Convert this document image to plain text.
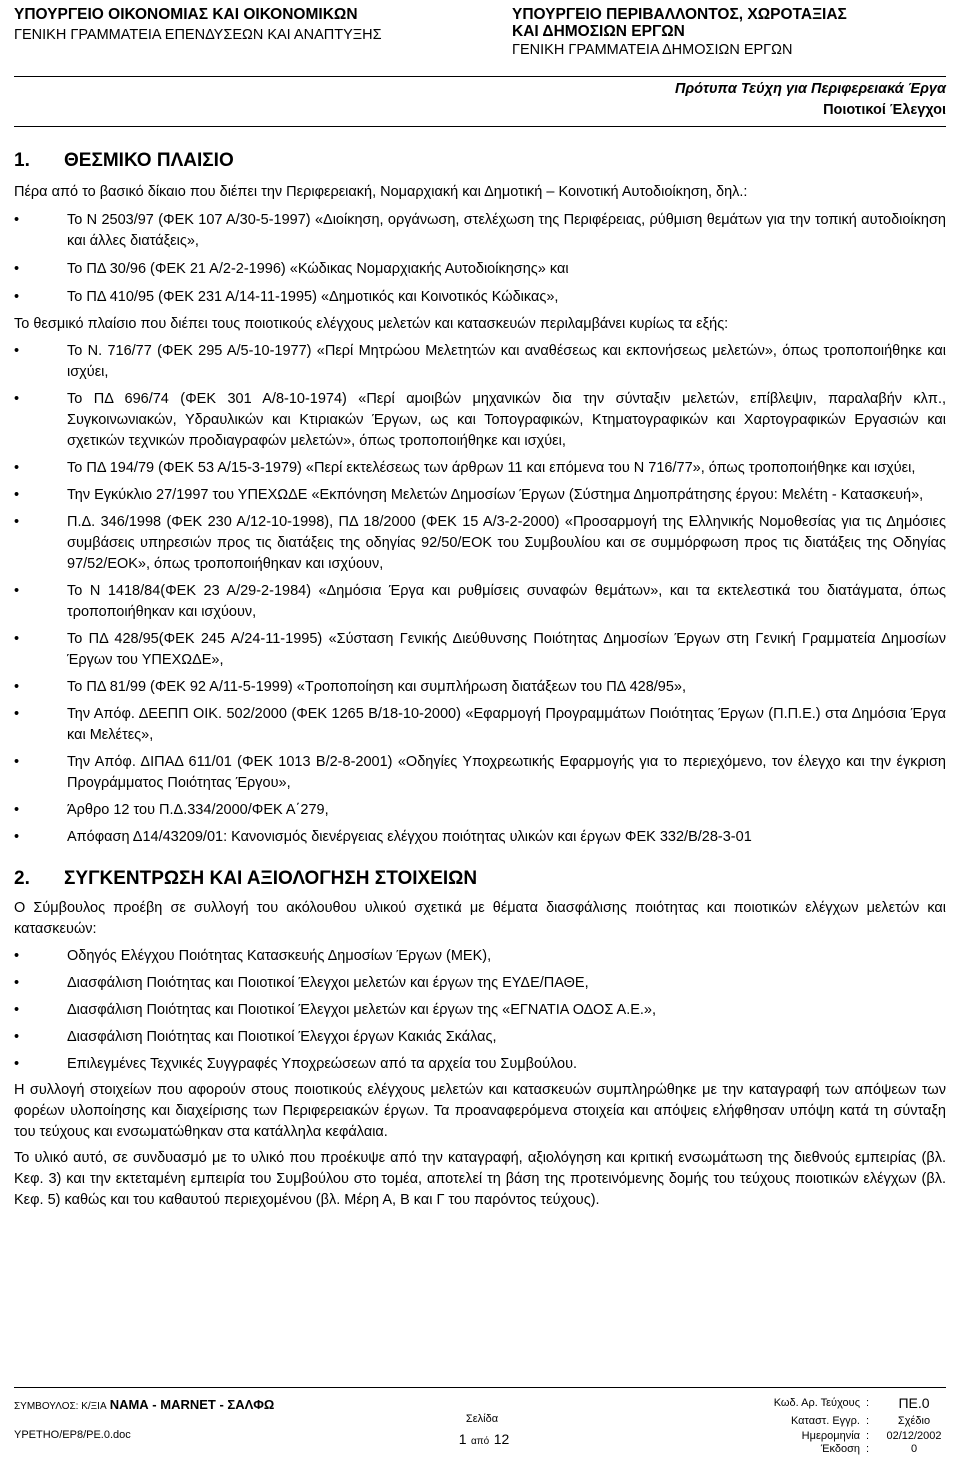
ΥΠΟΥΡΓΕΙΟ ΟΙΚΟΝΟΜΙΑΣ ΚΑΙ ΟΙΚΟΝΟΜΙΚΩΝ
ΓΕΝΙΚΗ ΓΡΑΜΜΑΤΕΙΑ ΕΠΕΝΔΥΣΕΩΝ ΚΑΙ ΑΝΑΠΤΥΞΗΣ
ΥΠΟΥΡΓΕΙΟ ΠΕΡΙΒΑΛΛΟΝΤΟΣ, ΧΩΡΟΤΑΞΙΑΣ
ΚΑΙ ΔΗΜΟΣΙΩΝ ΕΡΓΩΝ
ΓΕΝΙΚΗ ΓΡΑΜΜΑΤΕΙΑ ΔΗΜΟΣΙΩΝ ΕΡΓΩΝ
Πρότυπα Τεύχη για Περιφερειακά Έργα
Ποιοτικοί Έλεγχοι
1. ΘΕΣΜΙΚΟ ΠΛΑΙΣΙΟ

Πέρα από το βασικό δίκαιο που διέπει την Περιφερειακή, Νομαρχιακή και Δημοτική – Κοινοτική Αυτοδιοίκηση, δηλ.:

•	Το Ν 2503/97 (ΦΕΚ 107 Α/30-5-1997) «Διοίκηση, οργάνωση, στελέχωση της Περιφέρειας, ρύθμιση θεμάτων για την τοπική αυτοδιοίκηση και άλλες διατάξεις»,
•	Το ΠΔ 30/96 (ΦΕΚ 21 Α/2-2-1996) «Κώδικας Νομαρχιακής Αυτοδιοίκησης» και
•	Το ΠΔ 410/95 (ΦΕΚ 231 Α/14-11-1995) «Δημοτικός και Κοινοτικός Κώδικας»,

Το θεσμικό πλαίσιο που διέπει τους ποιοτικούς ελέγχους μελετών και κατασκευών περιλαμβάνει κυρίως τα εξής:

•	Το Ν. 716/77 (ΦΕΚ 295 Α/5-10-1977) «Περί Μητρώου Μελετητών και αναθέσεως και εκπονήσεως μελετών», όπως τροποποιήθηκε και ισχύει,
•	Το ΠΔ 696/74 (ΦΕΚ 301 Α/8-10-1974) «Περί αμοιβών μηχανικών δια την σύνταξιν μελετών, επίβλεψιν, παραλαβήν κλπ., Συγκοινωνιακών, Υδραυλικών και Κτιριακών Έργων, ως και Τοπογραφικών, Κτηματογραφικών και Χαρτογραφικών Εργασιών και σχετικών τεχνικών προδιαγραφών μελετών», όπως τροποποιήθηκε και ισχύει,
•	Το ΠΔ 194/79 (ΦΕΚ 53 Α/15-3-1979) «Περί εκτελέσεως των άρθρων 11 και επόμενα του Ν 716/77», όπως τροποποιήθηκε και ισχύει,
•	Την Εγκύκλιο 27/1997 του ΥΠΕΧΩΔΕ «Εκπόνηση Μελετών Δημοσίων Έργων (Σύστημα Δημοπράτησης έργου: Μελέτη - Κατασκευή»,
•	Π.Δ. 346/1998 (ΦΕΚ 230 Α/12-10-1998), ΠΔ 18/2000 (ΦΕΚ 15 Α/3-2-2000) «Προσαρμογή της Ελληνικής Νομοθεσίας για τις Δημόσιες συμβάσεις υπηρεσιών προς τις διατάξεις της οδηγίας 92/50/ΕΟΚ του Συμβουλίου και σε συμμόρφωση προς τις διατάξεις της Οδηγίας 97/52/ΕΟΚ», όπως τροποποιήθηκαν και ισχύουν,
•	Το Ν 1418/84(ΦΕΚ 23 Α/29-2-1984) «Δημόσια Έργα και ρυθμίσεις συναφών θεμάτων», και τα εκτελεστικά του διατάγματα, όπως τροποποιήθηκαν και ισχύουν,
•	Το ΠΔ 428/95(ΦΕΚ 245 Α/24-11-1995) «Σύσταση Γενικής Διεύθυνσης Ποιότητας Δημοσίων Έργων στη Γενική Γραμματεία Δημοσίων Έργων του ΥΠΕΧΩΔΕ»,
•	Το ΠΔ 81/99 (ΦΕΚ 92 Α/11-5-1999) «Τροποποίηση και συμπλήρωση διατάξεων του ΠΔ 428/95»,
•	Την Απόφ. ΔΕΕΠΠ ΟΙΚ. 502/2000 (ΦΕΚ 1265 Β/18-10-2000) «Εφαρμογή Προγραμμάτων Ποιότητας Έργων (Π.Π.Ε.) στα Δημόσια Έργα και Μελέτες»,
•	Την Απόφ. ΔΙΠΑΔ 611/01 (ΦΕΚ 1013 Β/2-8-2001) «Οδηγίες Υποχρεωτικής Εφαρμογής για το περιεχόμενο, τον έλεγχο και την έγκριση Προγράμματος Ποιότητας Έργου»,
•	Άρθρο 12 του Π.Δ.334/2000/ΦΕΚ Α΄279,
•	Απόφαση Δ14/43209/01: Κανονισμός διενέργειας ελέγχου ποιότητας υλικών και έργων ΦΕΚ 332/Β/28-3-01
2. ΣΥΓΚΕΝΤΡΩΣΗ ΚΑΙ ΑΞΙΟΛΟΓΗΣΗ ΣΤΟΙΧΕΙΩΝ

Ο Σύμβουλος προέβη σε συλλογή του ακόλουθου υλικού σχετικά με θέματα διασφάλισης ποιότητας και ποιοτικών ελέγχων μελετών και κατασκευών:

•	Οδηγός Ελέγχου Ποιότητας Κατασκευής Δημοσίων Έργων (ΜΕΚ),
•	Διασφάλιση Ποιότητας και Ποιοτικοί Έλεγχοι μελετών και έργων της ΕΥΔΕ/ΠΑΘΕ,
•	Διασφάλιση Ποιότητας και Ποιοτικοί Έλεγχοι μελετών και έργων της «ΕΓΝΑΤΙΑ ΟΔΟΣ Α.Ε.»,
•	Διασφάλιση Ποιότητας και Ποιοτικοί Έλεγχοι έργων Κακιάς Σκάλας,
•	Επιλεγμένες Τεχνικές Συγγραφές Υποχρεώσεων από τα αρχεία του Συμβούλου.

Η συλλογή στοιχείων που αφορούν στους ποιοτικούς ελέγχους μελετών και κατασκευών συμπληρώθηκε με την καταγραφή των απόψεων των φορέων υλοποίησης και διαχείρισης των Περιφερειακών έργων. Τα προαναφερόμενα στοιχεία και απόψεις ελήφθησαν υπόψη κατά τη σύνταξη του τεύχους και ενσωματώθηκαν στα κατάλληλα κεφάλαια.

Το υλικό αυτό, σε συνδυασμό με το υλικό που προέκυψε από την καταγραφή, αξιολόγηση και κριτική ενσωμάτωση της διεθνούς εμπειρίας (βλ. Κεφ. 3) και την εκτεταμένη εμπειρία του Συμβούλου στο τομέα, αποτελεί τη βάση της προτεινόμενης δομής του τεύχους ποιοτικών ελέγχων (βλ. Κεφ. 5) καθώς και του καθαυτού περιεχομένου (βλ. Μέρη Α, Β και Γ του παρόντος τεύχους).

ΣΥΜΒΟΥΛΟΣ: Κ/ΞΙΑ ΝΑΜΑ - MARNET - ΣΑΛΦΩ
ΥΡΕΤΗΟ/ΕΡ8/ΡΕ.0.doc
Σελίδα
1 από 12
Κωδ. Αρ. Τεύχους :	ΠΕ.0
Καταστ. Εγγρ. :	Σχέδιο
Ημερομηνία :	02/12/2002
Έκδοση :	0
